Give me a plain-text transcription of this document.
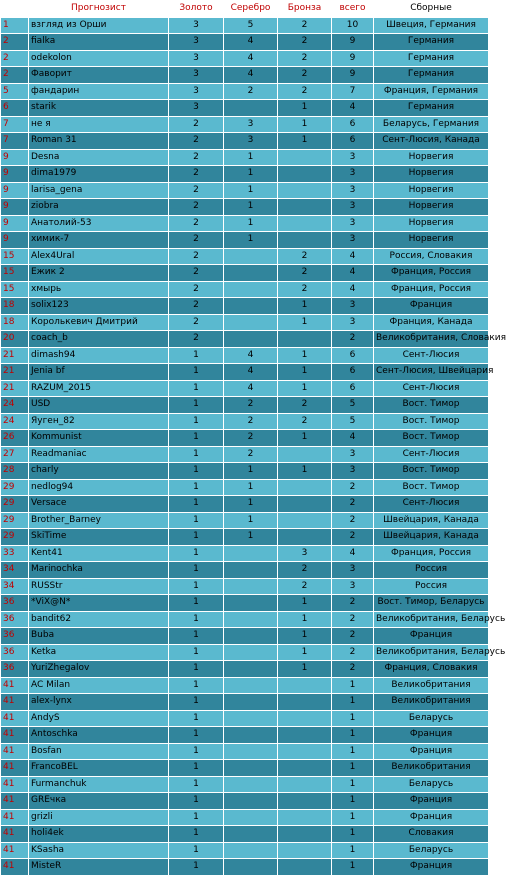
	Прогнозист	Золото	Серебро	Бронза	всего	Сборные
1	взгляд из Орши	3	5	2	10	Швеция, Германия
2	fialka	3	4	2	9	Германия
2	odekolon	3	4	2	9	Германия
2	Фаворит	3	4	2	9	Германия
5	фандарин	3	2	2	7	Франция, Германия
6	starik	3		1	4	Германия
7	не я	2	3	1	6	Беларусь, Германия
7	Roman 31	2	3	1	6	Сент-Люсия, Канада
9	Desna	2	1		3	Норвегия
9	dima1979	2	1		3	Норвегия
9	larisa_gena	2	1		3	Норвегия
9	ziobra	2	1		3	Норвегия
9	Анатолий-53	2	1		3	Норвегия
9	химик-7	2	1		3	Норвегия
15	Alex4Ural	2		2	4	Россия, Словакия
15	Ежик 2	2		2	4	Франция, Россия
15	хмырь	2		2	4	Франция, Россия
18	solix123	2		1	3	Франция
18	Королькевич Дмитрий	2		1	3	Франция, Канада
20	coach_b	2			2	Великобритания, Словакия
21	dimash94	1	4	1	6	Сент-Люсия
21	Jenia bf	1	4	1	6	Сент-Люсия, Швейцария
21	RAZUM_2015	1	4	1	6	Сент-Люсия
24	USD	1	2	2	5	Вост. Тимор
24	Яуген_82	1	2	2	5	Вост. Тимор
26	Kommunist	1	2	1	4	Вост. Тимор
27	Readmaniac	1	2		3	Сент-Люсия
28	charly	1	1	1	3	Вост. Тимор
29	nedlog94	1	1		2	Вост. Тимор
29	Versace	1	1		2	Сент-Люсия
29	Brother_Barney	1	1		2	Швейцария, Канада
29	SkiTime	1	1		2	Швейцария, Канада
33	Kent41	1		3	4	Франция, Россия
34	Marinochka	1		2	3	Россия
34	RUSStr	1		2	3	Россия
36	*ViX@N*	1		1	2	Вост. Тимор, Беларусь
36	bandit62	1		1	2	Великобритания, Беларусь
36	Buba	1		1	2	Франция
36	Ketka	1		1	2	Великобритания, Беларусь
36	YuriZhegalov	1		1	2	Франция, Словакия
41	AC Milan	1			1	Великобритания
41	alex-lynx	1			1	Великобритания
41	AndyS	1			1	Беларусь
41	Antoschka	1			1	Франция
41	Bosfan	1			1	Франция
41	FrancoBEL	1			1	Великобритания
41	Furmanchuk	1			1	Беларусь
41	GREчка	1			1	Франция
41	grizli	1			1	Франция
41	holi4ek	1			1	Словакия
41	KSasha	1			1	Беларусь
41	MisteR	1			1	Франция
